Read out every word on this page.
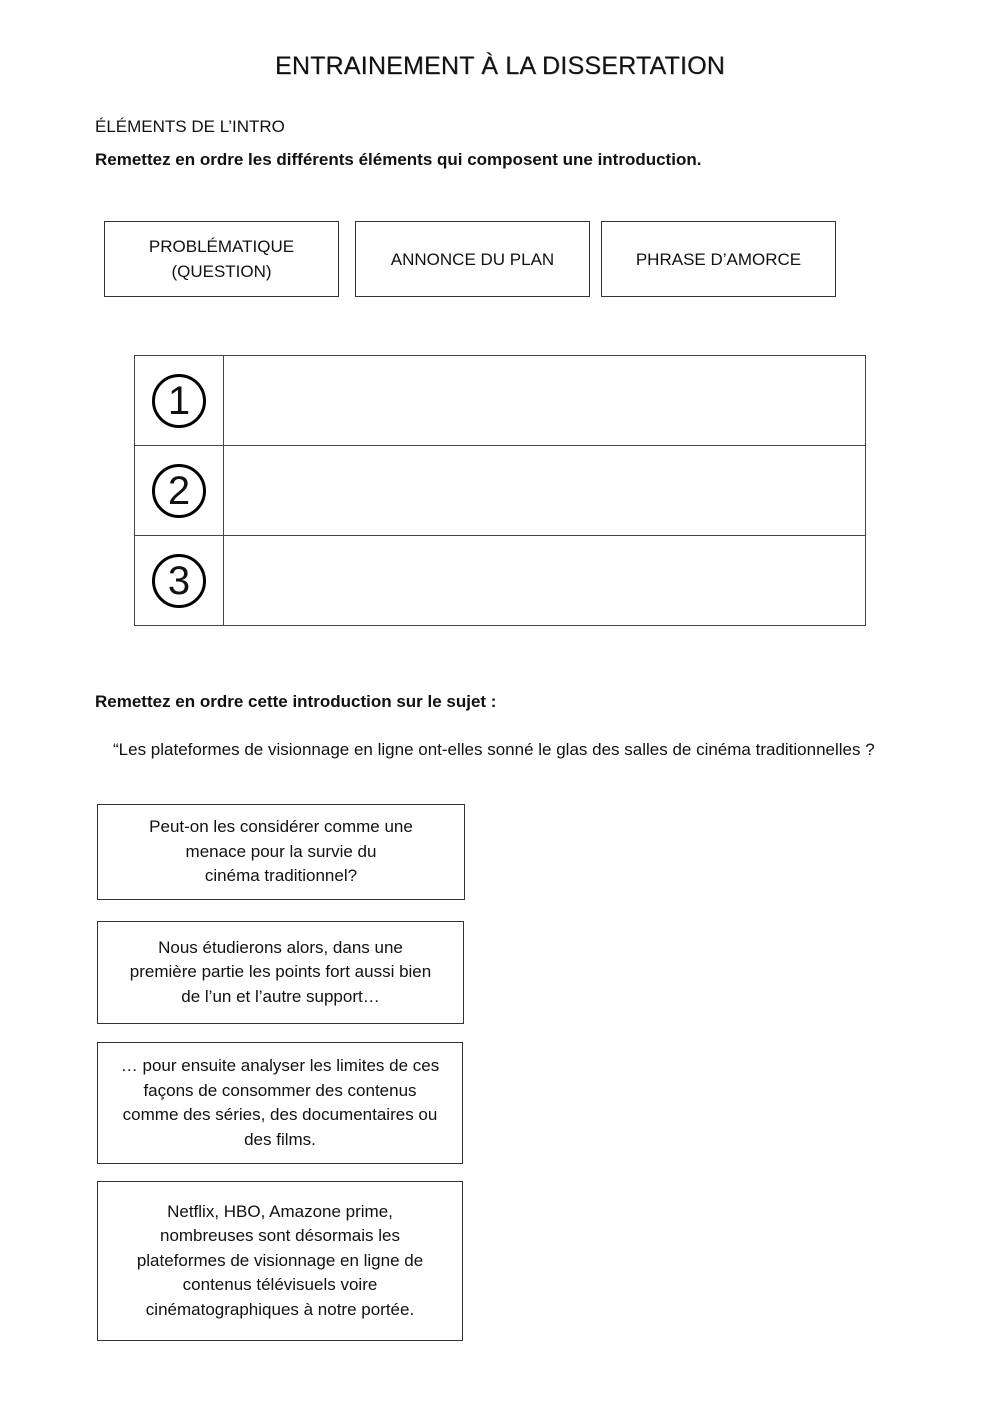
ENTRAINEMENT À LA DISSERTATION
ÉLÉMENTS DE L’INTRO
Remettez en ordre les différents éléments qui composent une introduction.
PROBLÉMATIQUE
(QUESTION)
ANNONCE DU PLAN	PHRASE D’AMORCE
1	
2	
3	
Remettez en ordre cette introduction sur le sujet :
“Les plateformes de visionnage en ligne ont-elles sonné le glas des salles de cinéma traditionnelles ?
Peut-on les considérer comme une
menace pour la survie du
cinéma traditionnel?
Nous étudierons alors, dans une
première partie les points fort aussi bien
de l’un et l’autre support…
… pour ensuite analyser les limites de ces
façons de consommer des contenus
comme des séries, des documentaires ou
des films.
Netflix, HBO, Amazone prime,
nombreuses sont désormais les
plateformes de visionnage en ligne de
contenus télévisuels voire
cinématographiques à notre portée.
